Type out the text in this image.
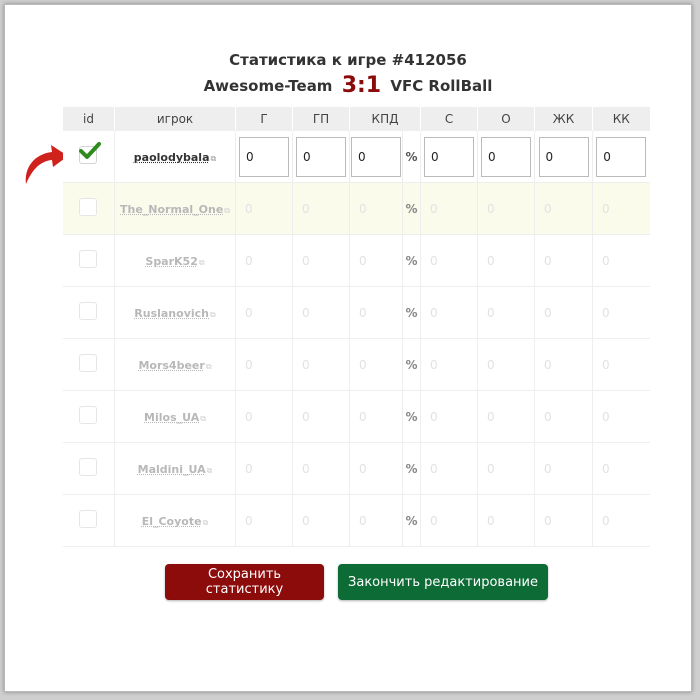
Статистика к игре #412056
Awesome-Team 3:1 VFC RollBall
id	игрок	Г	ГП	КПД		С	О	ЖК	КК

	paolodybala⧉	0	0	0	%	0	0	0	0
	The_Normal_One⧉	0	0	0	%	0	0	0	0

	SparK52⧉	0	0	0	%	0	0	0	0

	Ruslanovich⧉	0	0	0	%	0	0	0	0

	Mors4beer⧉	0	0	0	%	0	0	0	0

	Milos_UA⧉	0	0	0	%	0	0	0	0

	Maldini_UA⧉	0	0	0	%	0	0	0	0

	El_Coyote⧉	0	0	0	%	0	0	0	0
Сохранить статистику	Закончить редактирование
